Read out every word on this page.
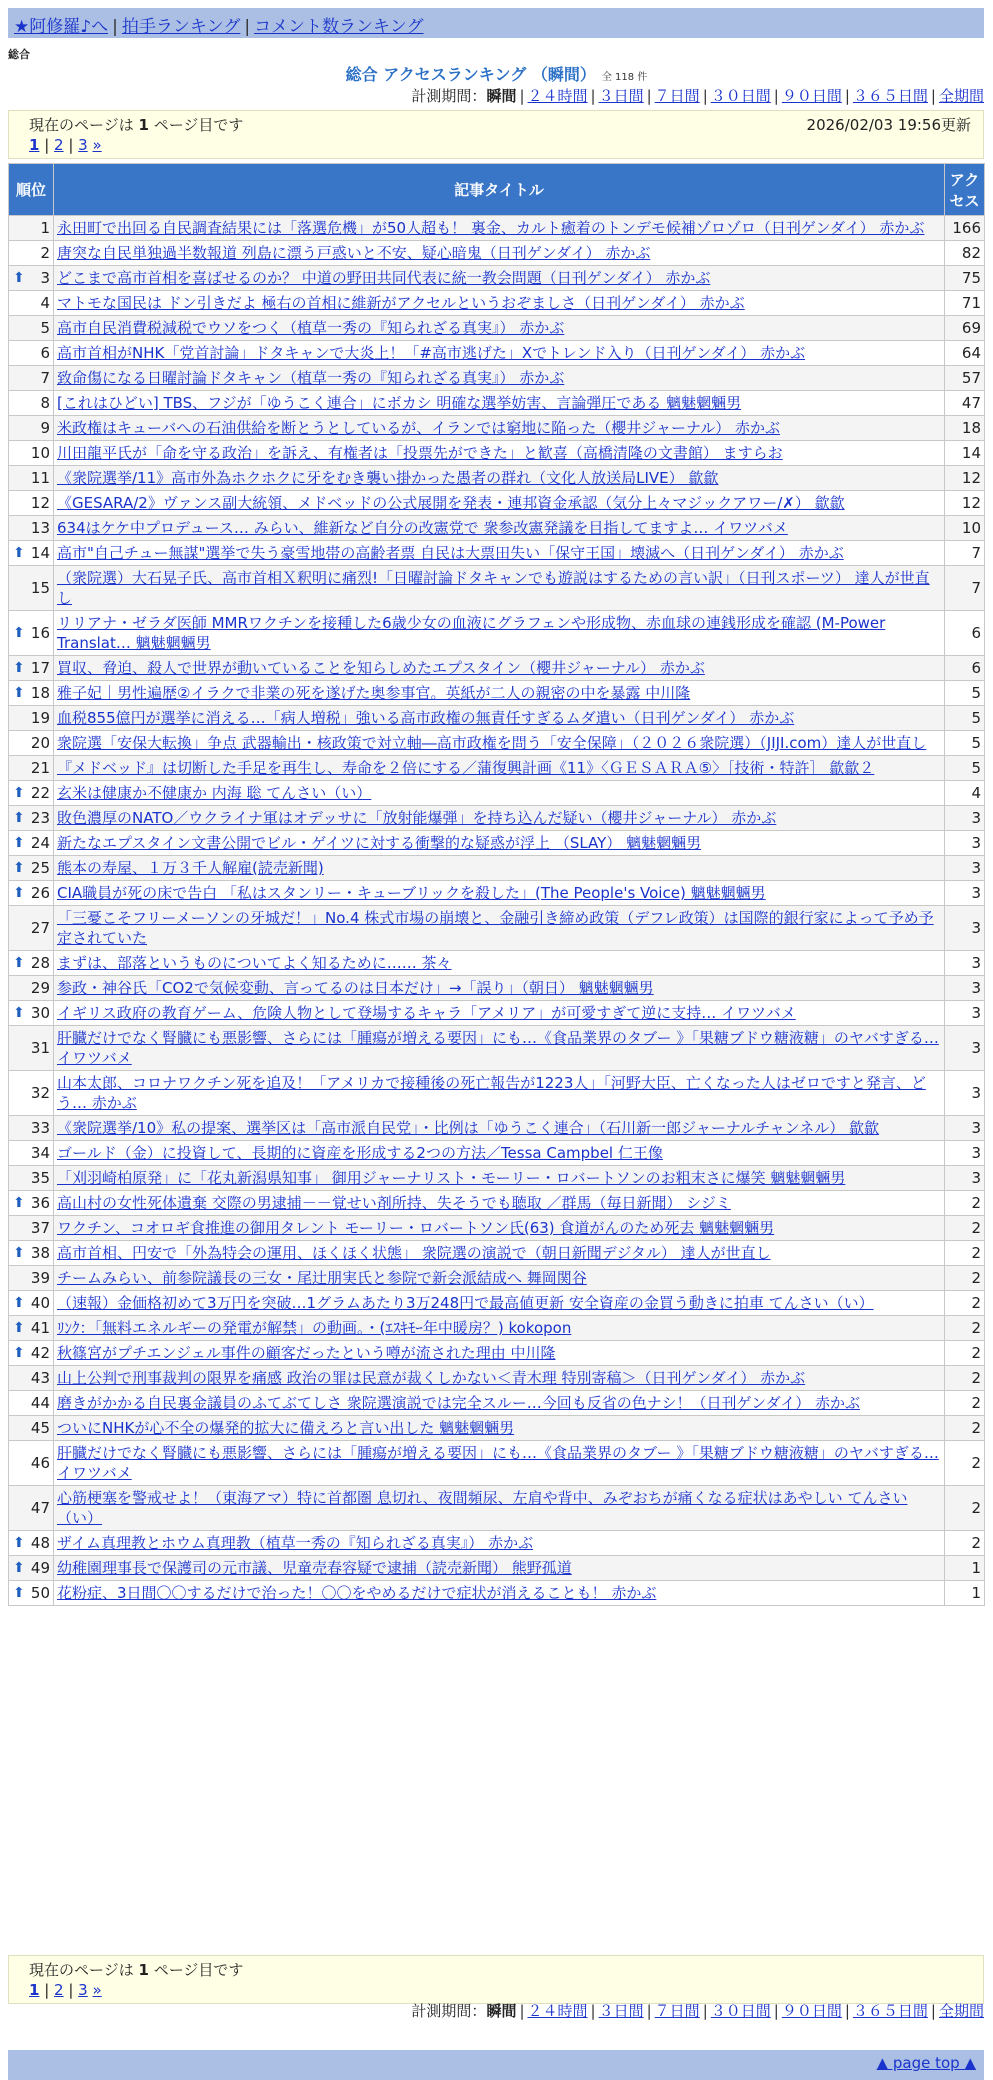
★阿修羅♪へ | 拍手ランキング | コメント数ランキング
総合
総合 アクセスランキング （瞬間） 全 118 件
計測期間：瞬間 | ２４時間 | ３日間 | ７日間 | ３０日間 | ９０日間 | ３６５日間 | 全期間
現在のページは 1 ページ目です	2026/02/03 19:56更新
1 | 2 | 3 »
順位	記事タイトル	アクセス
1	永田町で出回る自民調査結果には「落選危機」が50人超も！ 裏金、カルト癒着のトンデモ候補ゾロゾロ（日刊ゲンダイ） 赤かぶ	166
2	唐突な自民単独過半数報道 列島に漂う戸惑いと不安、疑心暗鬼（日刊ゲンダイ） 赤かぶ	82

⬆ 3	どこまで高市首相を喜ばせるのか？ 中道の野田共同代表に統一教会問題（日刊ゲンダイ） 赤かぶ	75
4	マトモな国民は ドン引きだよ 極右の首相に維新がアクセルというおぞましさ（日刊ゲンダイ） 赤かぶ	71
5	高市自民消費税減税でウソをつく（植草一秀の『知られざる真実』） 赤かぶ	69
6	高市首相がNHK「党首討論」ドタキャンで大炎上！「#高市逃げた」Xでトレンド入り（日刊ゲンダイ） 赤かぶ	64
7	致命傷になる日曜討論ドタキャン（植草一秀の『知られざる真実』） 赤かぶ	57
8	[これはひどい] TBS、フジが「ゆうこく連合」にボカシ 明確な選挙妨害、言論弾圧である 魑魅魍魎男	47
9	米政権はキューバへの石油供給を断とうとしているが、イランでは窮地に陥った（櫻井ジャーナル） 赤かぶ	18
10	川田龍平氏が「命を守る政治」を訴え、有権者は「投票先ができた」と歓喜（高橋清隆の文書館） ますらお	14
11	《衆院選挙/11》高市外為ホクホクに牙をむき襲い掛かった愚者の群れ（文化人放送局LIVE） 歙歙	12
12	《GESARA/2》ヴァンス副大統領、メドベッドの公式展開を発表・連邦資金承認（気分上々マジックアワー/✗） 歙歙	12
13	634はケケ中プロデュース… みらい、維新など自分の改憲党で 衆参改憲発議を目指してますよ… イワツバメ	10

⬆ 14	高市"自己チュー無謀"選挙で失う豪雪地帯の高齢者票 自民は大票田失い「保守王国」壊滅へ（日刊ゲンダイ） 赤かぶ	7
15	（衆院選）大石晃子氏、高市首相Ｘ釈明に痛烈!「日曜討論ドタキャンでも遊説はするための言い訳」（日刊スポーツ） 達人が世直し	7

⬆ 16	リリアナ・ゼラダ医師 MMRワクチンを接種した6歳少女の血液にグラフェンや形成物、赤血球の連銭形成を確認 (M-Power Translat… 魑魅魍魎男	6

⬆ 17	買収、脅迫、殺人で世界が動いていることを知らしめたエプスタイン（櫻井ジャーナル） 赤かぶ	6

⬆ 18	雅子妃｜男性遍歴②イラクで非業の死を遂げた奥参事官。英紙が二人の親密の中を暴露 中川隆	5
19	血税855億円が選挙に消える…「病人増税」強いる高市政権の無責任すぎるムダ遣い（日刊ゲンダイ） 赤かぶ	5
20	衆院選「安保大転換」争点 武器輸出・核政策で対立軸―高市政権を問う「安全保障」（２０２６衆院選）（JIJI.com）達人が世直し	5
21	『メドベッド』は切断した手足を再生し、寿命を２倍にする／蒲復興計画《11》〈ＧＥＳＡＲＡ⑤〉［技術・特許］ 歙歙２	5

⬆ 22	玄米は健康か不健康か 内海 聡 てんさい（い）	4

⬆ 23	敗色濃厚のNATO／ウクライナ軍はオデッサに「放射能爆弾」を持ち込んだ疑い（櫻井ジャーナル） 赤かぶ	3

⬆ 24	新たなエプスタイン文書公開でビル・ゲイツに対する衝撃的な疑惑が浮上 （SLAY） 魑魅魍魎男	3

⬆ 25	熊本の寿屋、１万３千人解雇(読売新聞)	3

⬆ 26	CIA職員が死の床で告白 「私はスタンリー・キューブリックを殺した」(The People's Voice) 魑魅魍魎男	3
27	「三憂こそフリーメーソンの牙城だ！」No.4 株式市場の崩壊と、金融引き締め政策（デフレ政策）は国際的銀行家によって予め予定されていた	3

⬆ 28	まずは、部落というものについてよく知るために…… 茶々	3
29	参政・神谷氏「CO2で気候変動、言ってるのは日本だけ」→「誤り」（朝日） 魑魅魍魎男	3

⬆ 30	イギリス政府の教育ゲーム、危険人物として登場するキャラ「アメリア」が可愛すぎて逆に支持… イワツバメ	3
31	肝臓だけでなく腎臓にも悪影響、さらには「腫瘍が増える要因」にも…《食品業界のタブー 》「果糖ブドウ糖液糖」のヤバすぎる… イワツバメ	3
32	山本太郎、コロナワクチン死を追及！「アメリカで接種後の死亡報告が1223人」「河野大臣、亡くなった人はゼロですと発言、どう… 赤かぶ	3
33	《衆院選挙/10》私の提案、選挙区は「高市派自民党」・比例は「ゆうこく連合」（石川新一郎ジャーナルチャンネル） 歙歙	3
34	ゴールド（金）に投資して、長期的に資産を形成する2つの方法／Tessa Campbel 仁王像	3
35	「刈羽崎柏原発」に「花丸新潟県知事」 御用ジャーナリスト・モーリー・ロバートソンのお粗末さに爆笑 魑魅魍魎男	3

⬆ 36	高山村の女性死体遺棄 交際の男逮捕－－覚せい剤所持、失そうでも聴取 ／群馬（毎日新聞） シジミ	2
37	ワクチン、コオロギ食推進の御用タレント モーリー・ロバートソン氏(63) 食道がんのため死去 魑魅魍魎男	2

⬆ 38	高市首相、円安で「外為特会の運用、ほくほく状態」 衆院選の演説で（朝日新聞デジタル） 達人が世直し	2
39	チームみらい、前参院議長の三女・尾辻朋実氏と参院で新会派結成へ 舞岡関谷	2

⬆ 40	（速報）金価格初めて3万円を突破…1グラムあたり3万248円で最高値更新 安全資産の金買う動きに拍車 てんさい（い）	2

⬆ 41	ﾘﾝｸ：「無料エネルギーの発電が解禁」の動画。・(ｴｽｷﾓｰ年中暖房？) kokopon	2

⬆ 42	秋篠宮がプチエンジェル事件の顧客だったという噂が流された理由 中川隆	2
43	山上公判で刑事裁判の限界を痛感 政治の罪は民意が裁くしかない＜青木理 特別寄稿＞（日刊ゲンダイ） 赤かぶ	2
44	磨きがかかる自民裏金議員のふてぶてしさ 衆院選演説では完全スルー…今回も反省の色ナシ！（日刊ゲンダイ） 赤かぶ	2
45	ついにNHKが心不全の爆発的拡大に備えろと言い出した 魑魅魍魎男	2
46	肝臓だけでなく腎臓にも悪影響、さらには「腫瘍が増える要因」にも…《食品業界のタブー 》「果糖ブドウ糖液糖」のヤバすぎる… イワツバメ	2
47	心筋梗塞を警戒せよ！（東海アマ）特に首都圏 息切れ、夜間頻尿、左肩や背中、みぞおちが痛くなる症状はあやしい てんさい（い）	2

⬆ 48	ザイム真理教とホウム真理教（植草一秀の『知られざる真実』） 赤かぶ	2

⬆ 49	幼稚園理事長で保護司の元市議、児童売春容疑で逮捕（読売新聞） 熊野孤道	1

⬆ 50	花粉症、3日間〇〇するだけで治った！〇〇をやめるだけで症状が消えることも！ 赤かぶ	1
現在のページは 1 ページ目です
1 | 2 | 3 »
計測期間：瞬間 | ２４時間 | ３日間 | ７日間 | ３０日間 | ９０日間 | ３６５日間 | 全期間
▲ page top ▲
